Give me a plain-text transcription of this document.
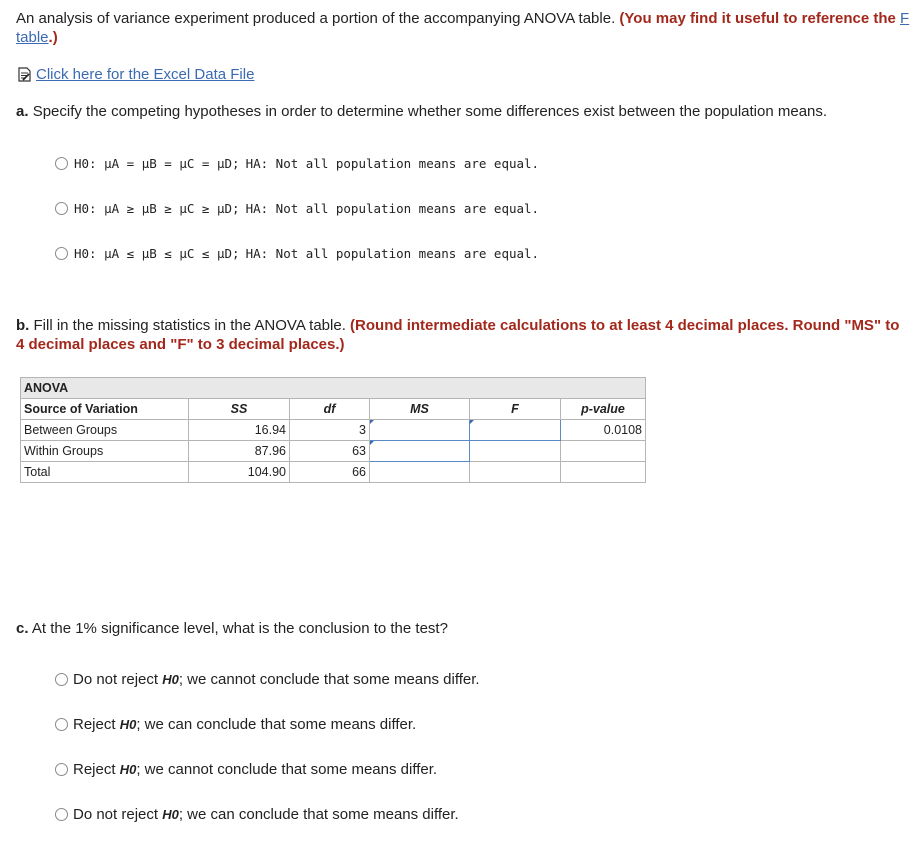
An analysis of variance experiment produced a portion of the accompanying ANOVA table. (You may find it useful to reference the F table.)
Click here for the Excel Data File
a. Specify the competing hypotheses in order to determine whether some differences exist between the population means.
H0: μA = μB = μC = μD; HA: Not all population means are equal.
H0: μA ≥ μB ≥ μC ≥ μD; HA: Not all population means are equal.
H0: μA ≤ μB ≤ μC ≤ μD; HA: Not all population means are equal.
b. Fill in the missing statistics in the ANOVA table. (Round intermediate calculations to at least 4 decimal places. Round "MS" to 4 decimal places and "F" to 3 decimal places.)
ANOVA					
Source of Variation	SS	df	MS	F	p-value
Between Groups	16.94	3			0.0108
Within Groups	87.96	63			
Total	104.90	66			
c. At the 1% significance level, what is the conclusion to the test?
Do not reject H0; we cannot conclude that some means differ.
Reject H0; we can conclude that some means differ.
Reject H0; we cannot conclude that some means differ.
Do not reject H0; we can conclude that some means differ.
